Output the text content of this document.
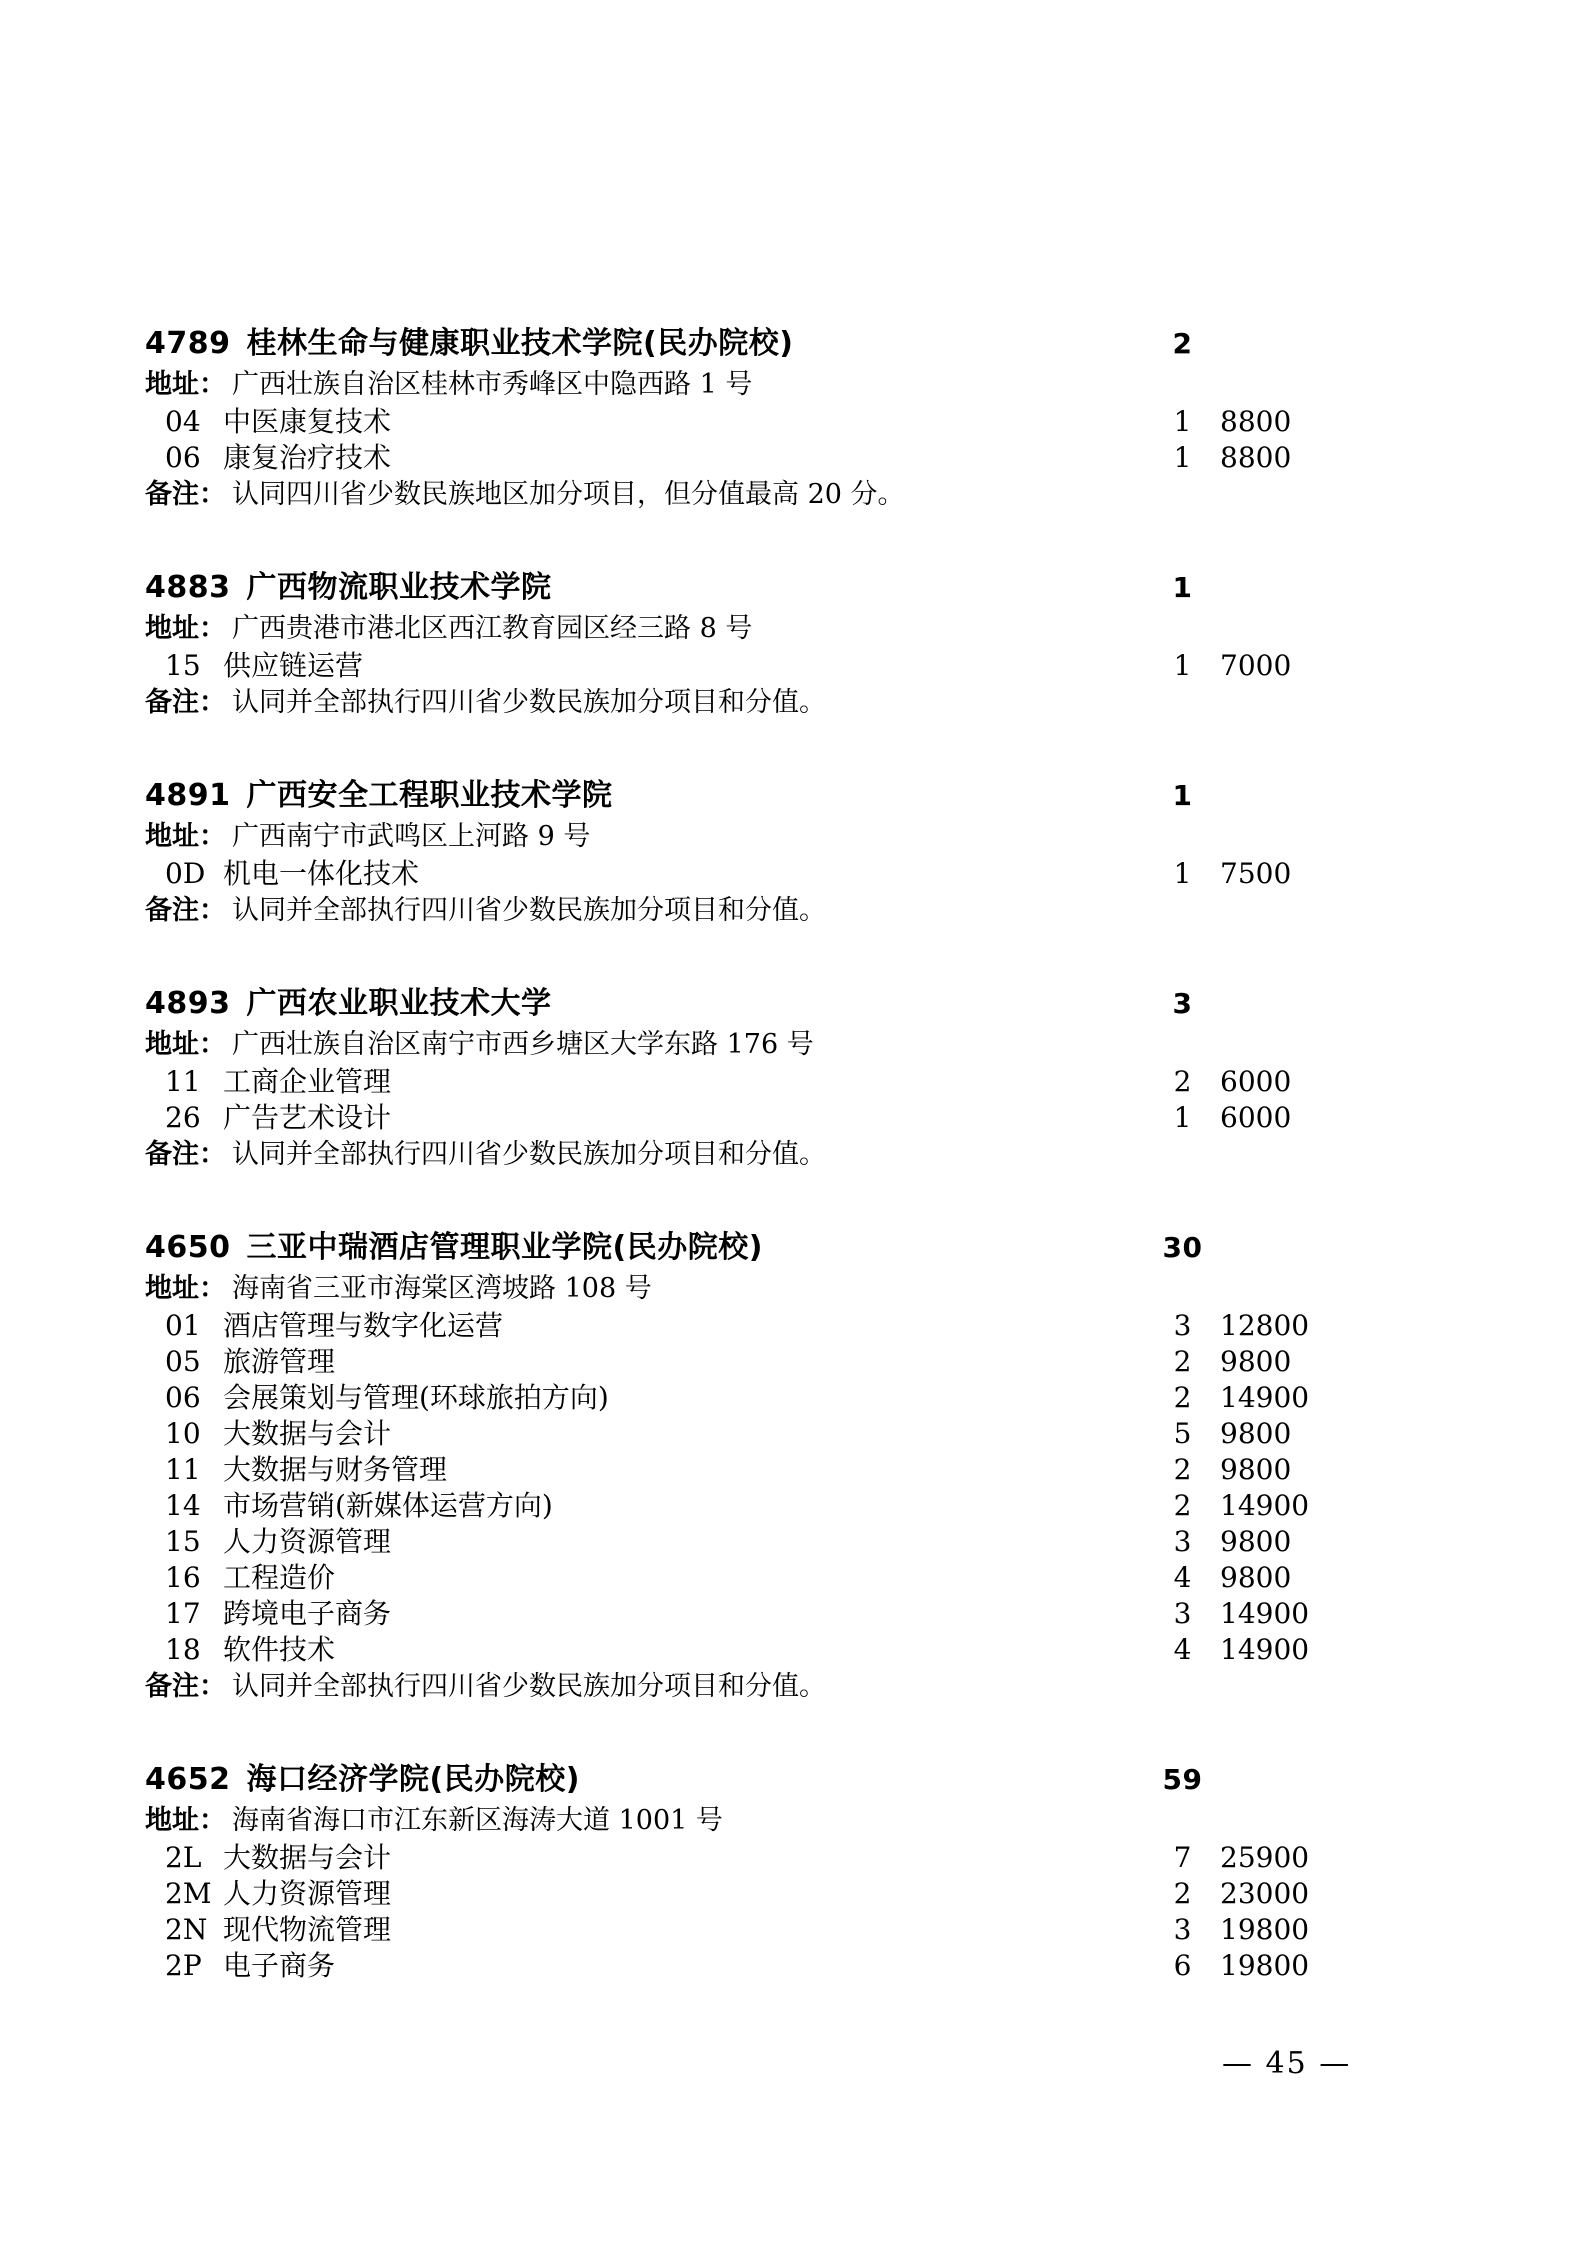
4789 桂林生命与健康职业技术学院(民办院校)	2
地址： 广西壮族自治区桂林市秀峰区中隐西路 1 号
04 中医康复技术	1	8800
06 康复治疗技术	1	8800
备注： 认同四川省少数民族地区加分项目，但分值最高 20 分。
4883 广西物流职业技术学院	1
地址： 广西贵港市港北区西江教育园区经三路 8 号
15 供应链运营	1	7000
备注： 认同并全部执行四川省少数民族加分项目和分值。
4891 广西安全工程职业技术学院	1
地址： 广西南宁市武鸣区上河路 9 号
0D 机电一体化技术	1	7500
备注： 认同并全部执行四川省少数民族加分项目和分值。
4893 广西农业职业技术大学	3
地址： 广西壮族自治区南宁市西乡塘区大学东路 176 号
11 工商企业管理	2	6000
26 广告艺术设计	1	6000
备注： 认同并全部执行四川省少数民族加分项目和分值。
4650 三亚中瑞酒店管理职业学院(民办院校)	30
地址： 海南省三亚市海棠区湾坡路 108 号
01 酒店管理与数字化运营	3	12800
05 旅游管理	2	9800
06 会展策划与管理(环球旅拍方向)	2	14900
10 大数据与会计	5	9800
11 大数据与财务管理	2	9800
14 市场营销(新媒体运营方向)	2	14900
15 人力资源管理	3	9800
16 工程造价	4	9800
17 跨境电子商务	3	14900
18 软件技术	4	14900
备注： 认同并全部执行四川省少数民族加分项目和分值。
4652 海口经济学院(民办院校)	59
地址： 海南省海口市江东新区海涛大道 1001 号
2L 大数据与会计	7	25900
2M 人力资源管理	2	23000
2N 现代物流管理	3	19800
2P 电子商务	6	19800
— 45 —
